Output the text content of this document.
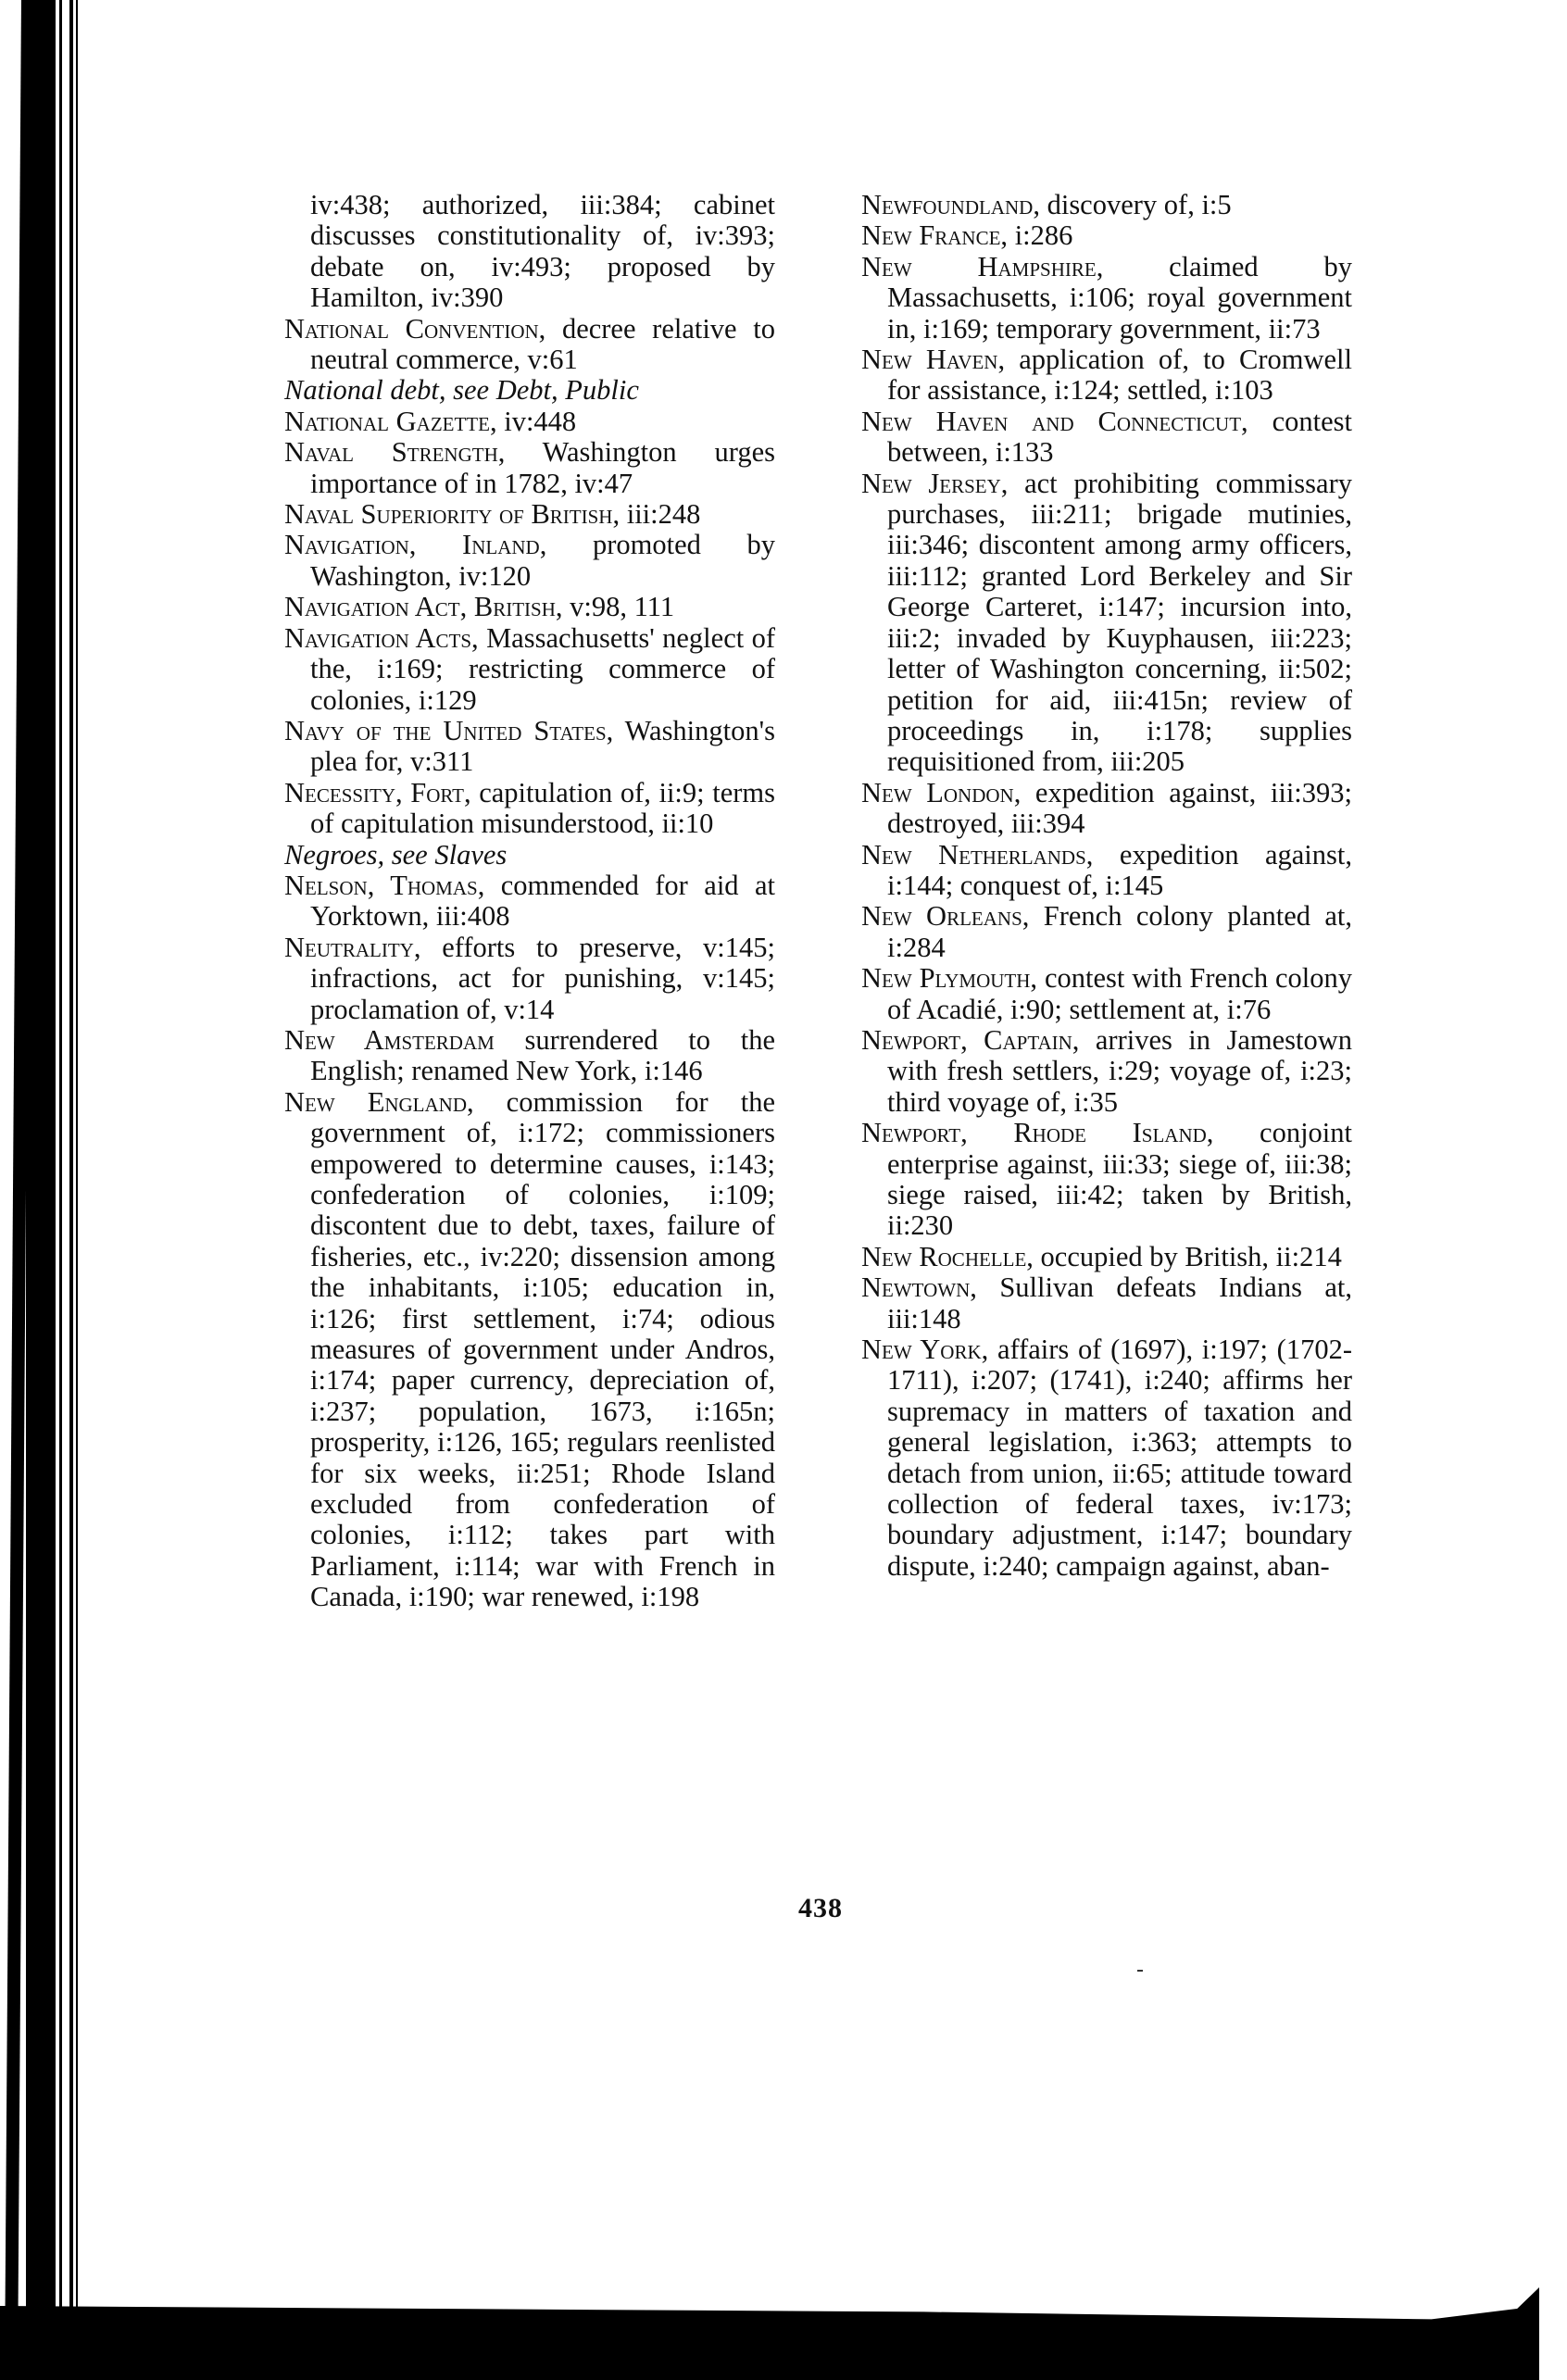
iv:438; authorized, iii:384; cabinet discusses constitutionality of, iv:393; debate on, iv:493; proposed by Hamilton, iv:390

National Convention, decree relative to neutral commerce, v:61

National debt, see Debt, Public

National Gazette, iv:448

Naval Strength, Washington urges importance of in 1782, iv:47

Naval Superiority of British, iii:248

Navigation, Inland, promoted by Washington, iv:120

Navigation Act, British, v:98, 111

Navigation Acts, Massachusetts' neglect of the, i:169; restricting commerce of colonies, i:129

Navy of the United States, Washington's plea for, v:311

Necessity, Fort, capitulation of, ii:9; terms of capitulation misunderstood, ii:10

Negroes, see Slaves

Nelson, Thomas, commended for aid at Yorktown, iii:408

Neutrality, efforts to preserve, v:145; infractions, act for punishing, v:145; proclamation of, v:14

New Amsterdam surrendered to the English; renamed New York, i:146

New England, commission for the government of, i:172; commissioners empowered to determine causes, i:143; confederation of colonies, i:109; discontent due to debt, taxes, failure of fisheries, etc., iv:220; dissension among the inhabitants, i:105; education in, i:126; first settlement, i:74; odious measures of government under Andros, i:174; paper currency, depreciation of, i:237; population, 1673, i:165n; prosperity, i:126, 165; regulars reenlisted for six weeks, ii:251; Rhode Island excluded from confederation of colonies, i:112; takes part with Parliament, i:114; war with French in Canada, i:190; war renewed, i:198

Newfoundland, discovery of, i:5

New France, i:286

New Hampshire, claimed by Massachusetts, i:106; royal government in, i:169; temporary government, ii:73

New Haven, application of, to Cromwell for assistance, i:124; settled, i:103

New Haven and Connecticut, contest between, i:133

New Jersey, act prohibiting commissary purchases, iii:211; brigade mutinies, iii:346; discontent among army officers, iii:112; granted Lord Berkeley and Sir George Carteret, i:147; incursion into, iii:2; invaded by Kuyphausen, iii:223; letter of Washington concerning, ii:502; petition for aid, iii:415n; review of proceedings in, i:178; supplies requisitioned from, iii:205

New London, expedition against, iii:393; destroyed, iii:394

New Netherlands, expedition against, i:144; conquest of, i:145

New Orleans, French colony planted at, i:284

New Plymouth, contest with French colony of Acadié, i:90; settlement at, i:76

Newport, Captain, arrives in Jamestown with fresh settlers, i:29; voyage of, i:23; third voyage of, i:35

Newport, Rhode Island, conjoint enterprise against, iii:33; siege of, iii:38; siege raised, iii:42; taken by British, ii:230

New Rochelle, occupied by British, ii:214

Newtown, Sullivan defeats Indians at, iii:148

New York, affairs of (1697), i:197; (1702-1711), i:207; (1741), i:240; affirms her supremacy in matters of taxation and general legislation, i:363; attempts to detach from union, ii:65; attitude toward collection of federal taxes, iv:173; boundary adjustment, i:147; boundary dispute, i:240; campaign against, aban-

438
